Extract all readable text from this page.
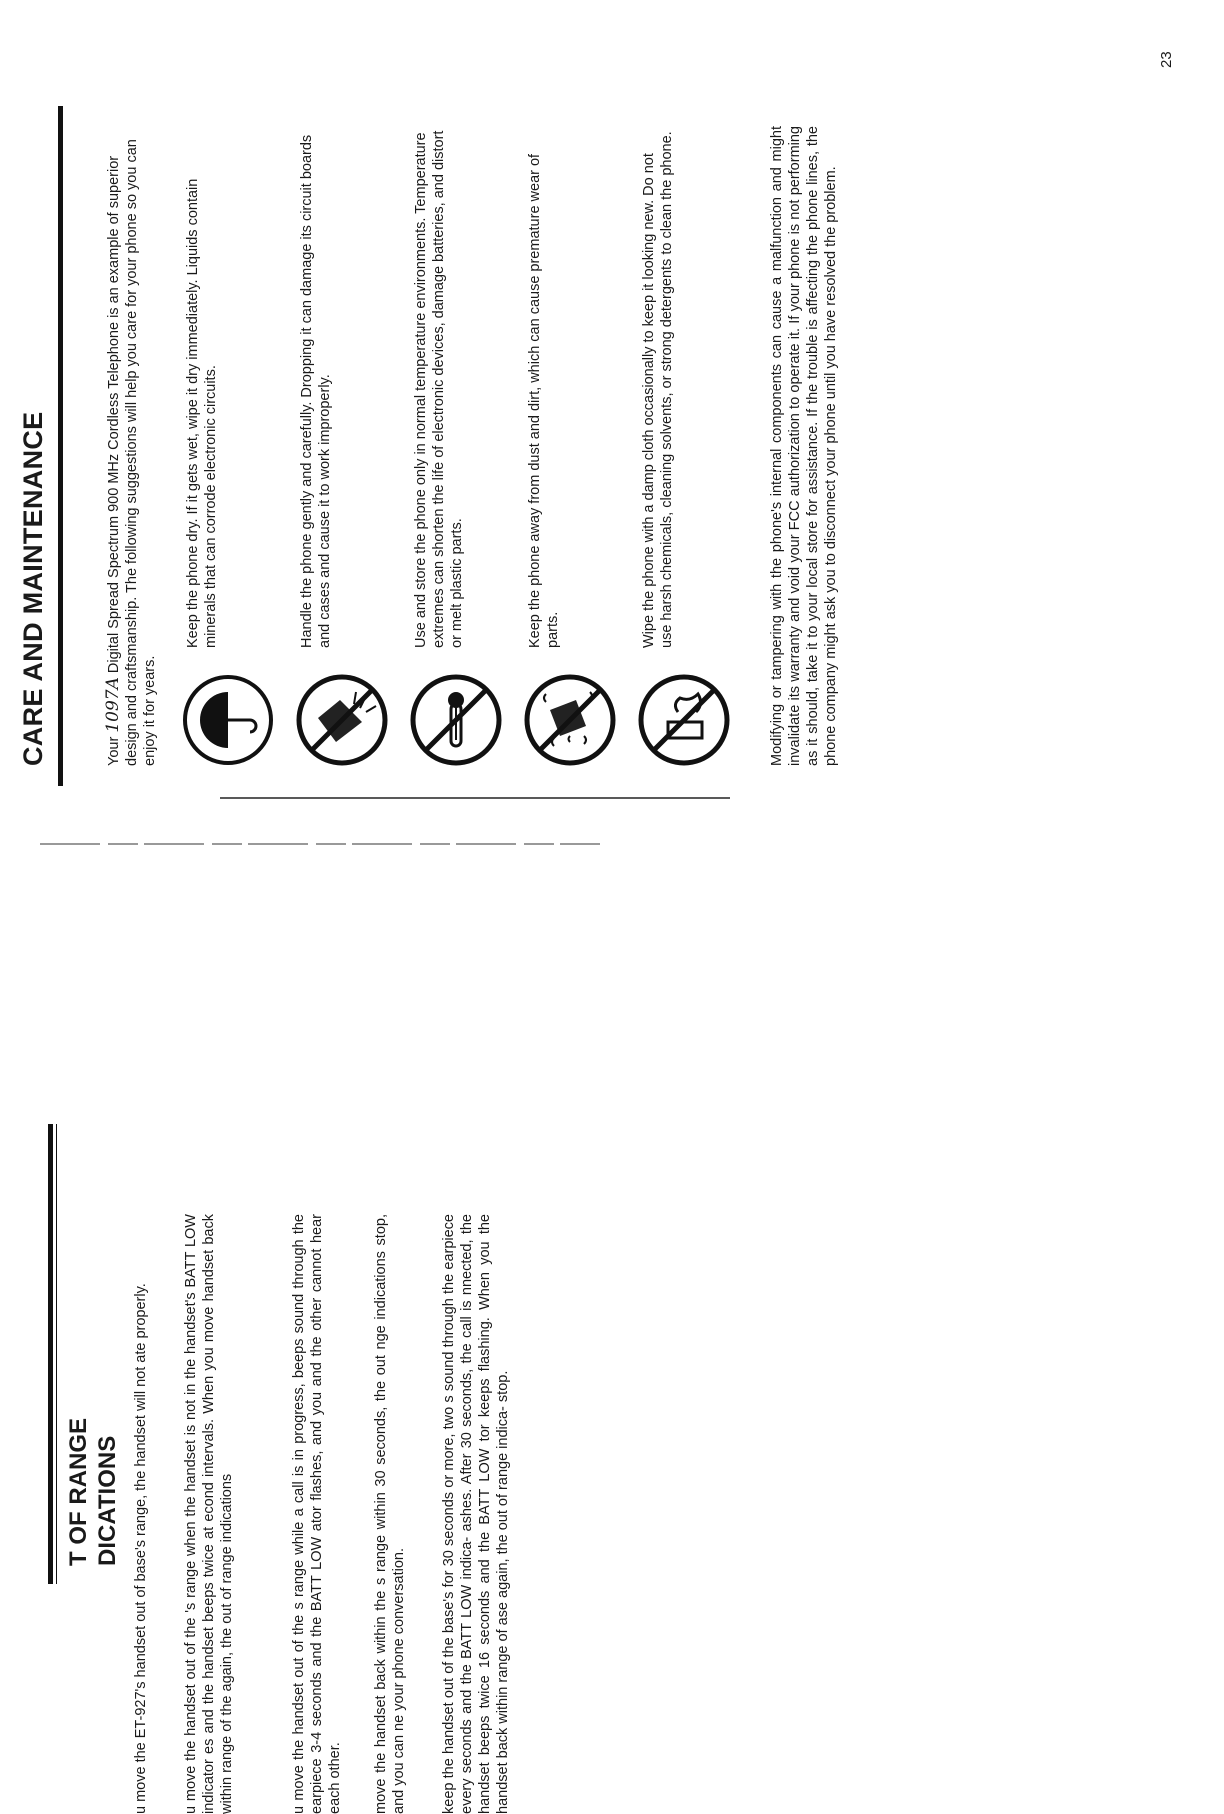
T OF RANGE
DICATIONS u move the ET-927's handset out of base's range, the handset will not ate properly. u move the handset out of the 's range when the handset is not in the handset's BATT LOW indicator es and the handset beeps twice at econd intervals. When you move handset back within range of the again, the out of range indications	u move the handset out of the s range while a call is in progress, beeps sound through the earpiece 3-4 seconds and the BATT LOW ator flashes, and you and the other cannot hear each other. move the handset back within the s range within 30 seconds, the out nge indications stop, and you can ne your phone conversation. keep the handset out of the base's for 30 seconds or more, two s sound through the earpiece every seconds and the BATT LOW indica- ashes. After 30 seconds, the call is nnected, the handset beeps twice 16 seconds and the BATT LOW tor keeps flashing. When you the handset back within range of ase again, the out of range indica- stop.

CARE AND MAINTENANCE	Your 1097A Digital Spread Spectrum 900 MHz Cordless Telephone is an example of superior design and craftsmanship. The following suggestions will help you care for your phone so you can enjoy it for years.

Keep the phone dry. If it gets wet, wipe it dry immediately. Liquids contain minerals that can corrode electronic circuits.	Handle the phone gently and carefully. Dropping it can damage its circuit boards and cases and cause it to work improperly.	Use and store the phone only in normal temperature environments. Temperature extremes can shorten the life of electronic devices, damage batteries, and distort or melt plastic parts.	Keep the phone away from dust and dirt, which can cause premature wear of parts.	Wipe the phone with a damp cloth occasionally to keep it looking new. Do not use harsh chemicals, cleaning solvents, or strong detergents to clean the phone.	Modifying or tampering with the phone's internal components can cause a malfunction and might invalidate its warranty and void your FCC authorization to operate it. If your phone is not performing as it should, take it to your local store for assistance. If the trouble is affecting the phone lines, the phone company might ask you to disconnect your phone until you have resolved the problem.

23
